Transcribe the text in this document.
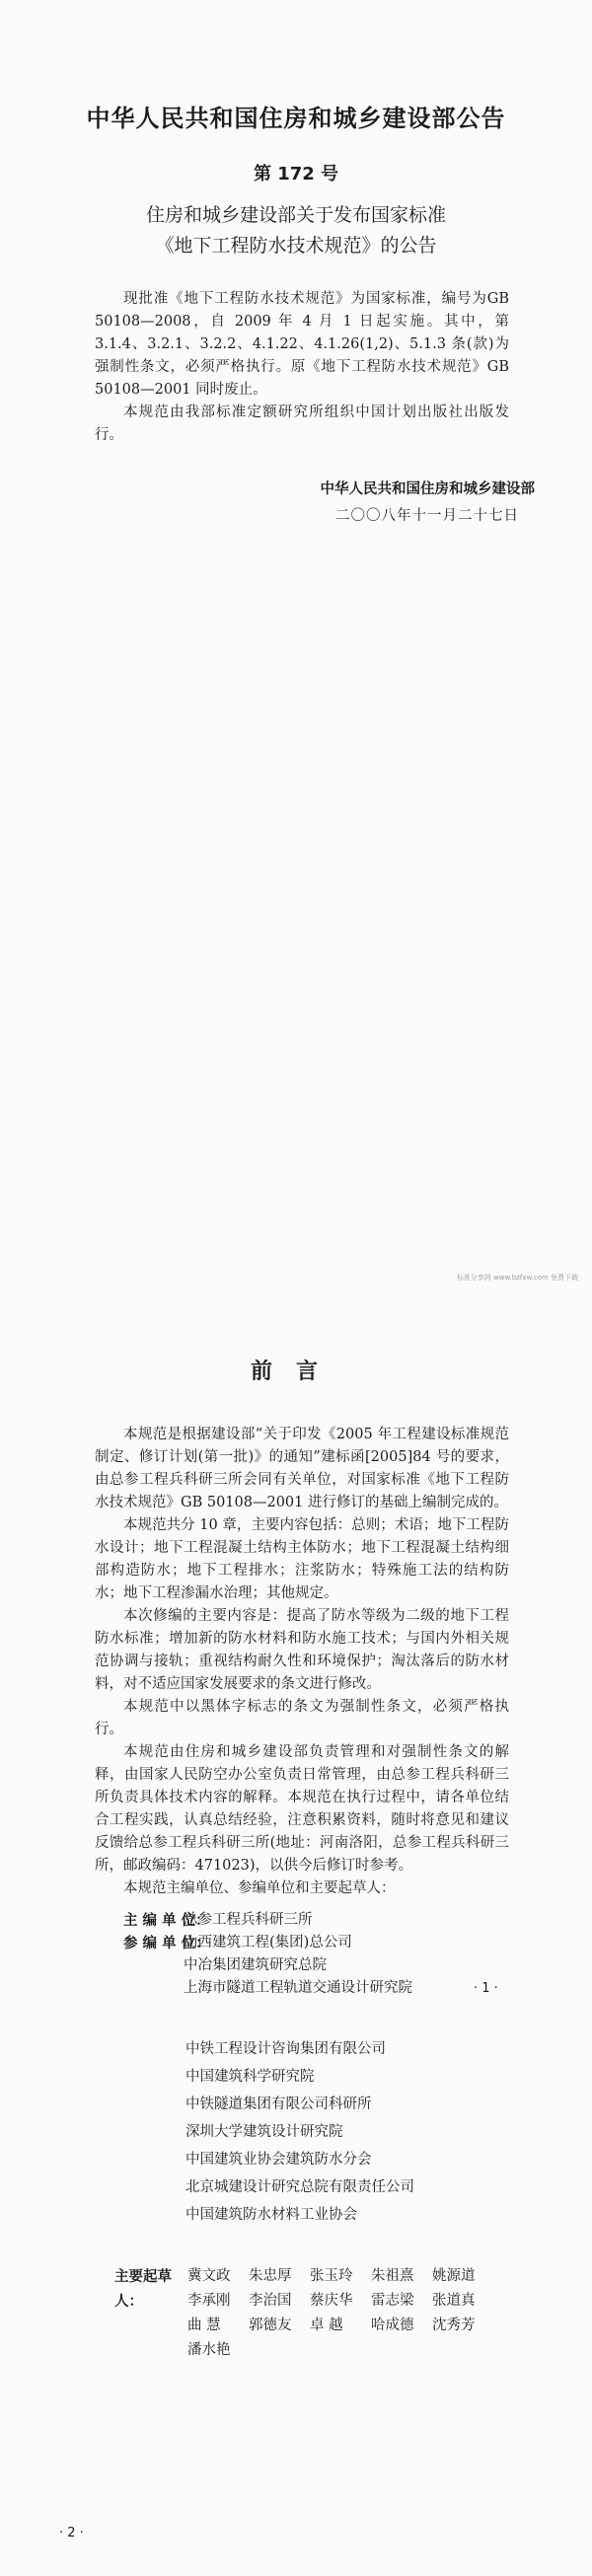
中华人民共和国住房和城乡建设部公告
第 172 号
住房和城乡建设部关于发布国家标准
《地下工程防水技术规范》的公告

现批准《地下工程防水技术规范》为国家标准，编号为GB 50108—2008，自 2009 年 4 月 1 日起实施。其中，第 3.1.4、3.2.1、3.2.2、4.1.22、4.1.26(1,2)、5.1.3 条(款)为强制性条文，必须严格执行。原《地下工程防水技术规范》GB 50108—2001 同时废止。

本规范由我部标准定额研究所组织中国计划出版社出版发行。

中华人民共和国住房和城乡建设部
二〇〇八年十一月二十七日
标准分享网 www.bzfxw.com 免费下载
前言

本规范是根据建设部“关于印发《2005 年工程建设标准规范制定、修订计划(第一批)》的通知”建标函[2005]84 号的要求，由总参工程兵科研三所会同有关单位，对国家标准《地下工程防水技术规范》GB 50108—2001 进行修订的基础上编制完成的。

本规范共分 10 章，主要内容包括：总则；术语；地下工程防水设计；地下工程混凝土结构主体防水；地下工程混凝土结构细部构造防水；地下工程排水；注浆防水；特殊施工法的结构防水；地下工程渗漏水治理；其他规定。

本次修编的主要内容是：提高了防水等级为二级的地下工程防水标准；增加新的防水材料和防水施工技术；与国内外相关规范协调与接轨；重视结构耐久性和环境保护；淘汰落后的防水材料，对不适应国家发展要求的条文进行修改。

本规范中以黑体字标志的条文为强制性条文，必须严格执行。

本规范由住房和城乡建设部负责管理和对强制性条文的解释，由国家人民防空办公室负责日常管理，由总参工程兵科研三所负责具体技术内容的解释。本规范在执行过程中，请各单位结合工程实践，认真总结经验，注意积累资料，随时将意见和建议反馈给总参工程兵科研三所(地址：河南洛阳，总参工程兵科研三所，邮政编码：471023)，以供今后修订时参考。

本规范主编单位、参编单位和主要起草人：

主 编 单 位：
总参工程兵科研三所
参 编 单 位：
山西建筑工程(集团)总公司
中冶集团建筑研究总院
上海市隧道工程轨道交通设计研究院	· 1 ·
中铁工程设计咨询集团有限公司
中国建筑科学研究院
中铁隧道集团有限公司科研所
深圳大学建筑设计研究院
中国建筑业协会建筑防水分会
北京城建设计研究总院有限责任公司
中国建筑防水材料工业协会
主要起草人：
冀文政 朱忠厚 张玉玲 朱祖熹 姚源道
李承刚 李治国 蔡庆华 雷志梁 张道真
曲 慧 郭德友 卓 越 哈成德 沈秀芳
潘水艳
· 2 ·
